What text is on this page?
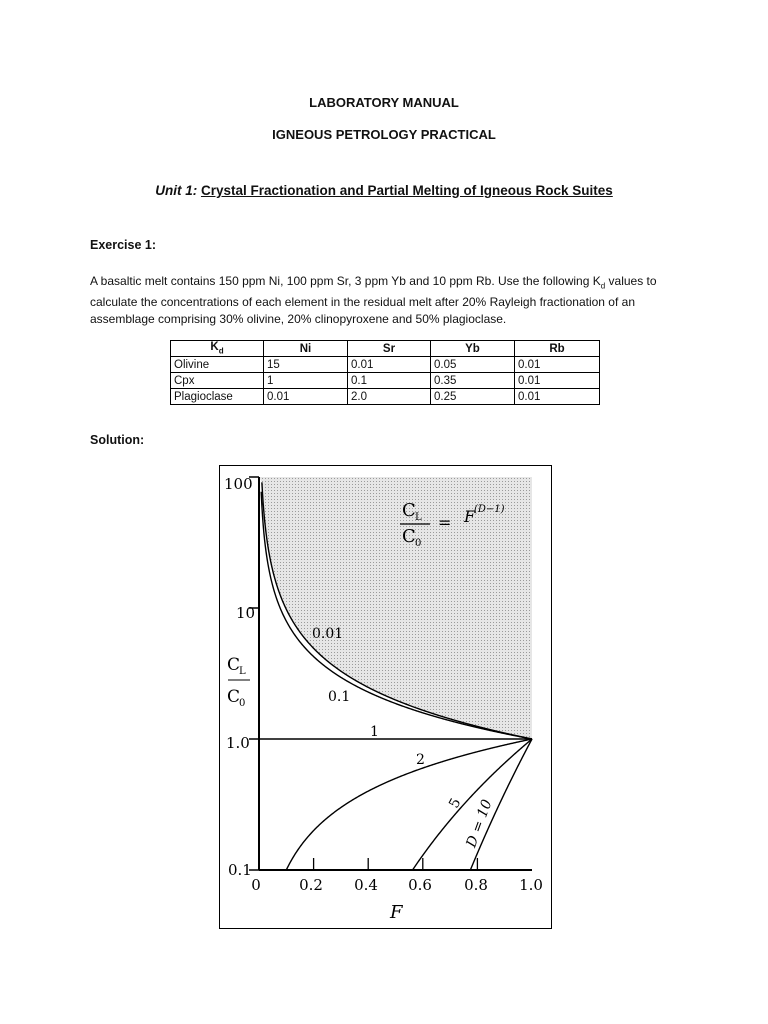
LABORATORY MANUAL
IGNEOUS PETROLOGY PRACTICAL
Unit 1: Crystal Fractionation and Partial Melting of Igneous Rock Suites
Exercise 1:
A basaltic melt contains 150 ppm Ni, 100 ppm Sr, 3 ppm Yb and 10 ppm Rb. Use the following $K_d$ values to
calculate the concentrations of each element in the residual melt after 20% Rayleigh fractionation of an
assemblage comprising 30% olivine, 20% clinopyroxene and 50% plagioclase.
$K_d$	Ni	Sr	Yb	Rb
Olivine	15	0.01	0.05	0.01
Cpx	1	0.1	0.35	0.01
Plagioclase	0.01	2.0	0.25	0.01
Solution:
100
10
1.0
0.1
C
L
C
0
C L
C 0
= F
(D−1)
0.01
0.1
1
2
5 D = 10
0	0.2 0.4 0.6 0.8 1.0
F
